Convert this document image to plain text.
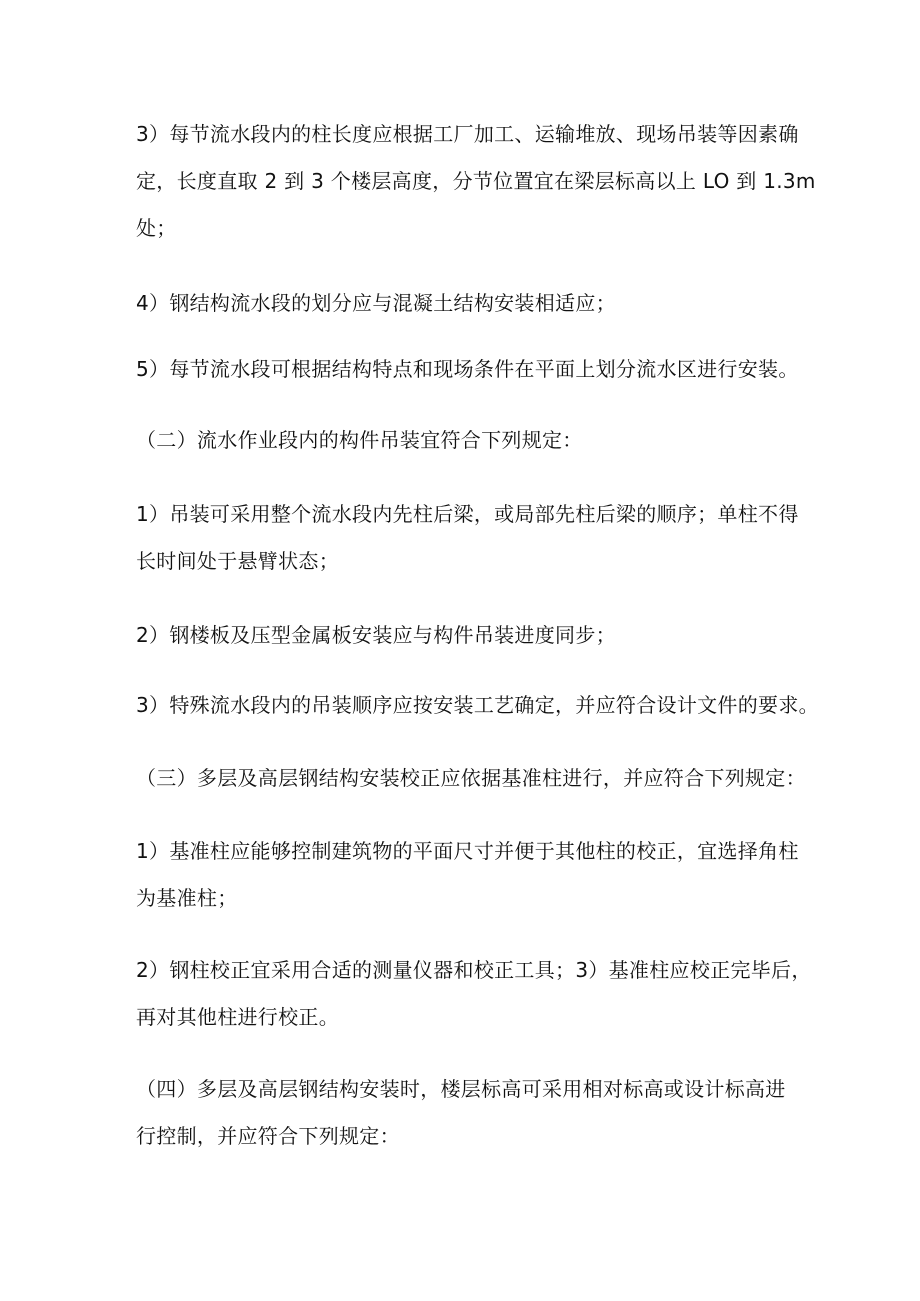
3）每节流水段内的柱长度应根据工厂加工、运输堆放、现场吊装等因素确
定，长度直取 2 到 3 个楼层高度，分节位置宜在梁层标高以上 LO 到 1.3m
处；

4）钢结构流水段的划分应与混凝土结构安装相适应；

5）每节流水段可根据结构特点和现场条件在平面上划分流水区进行安装。

（二）流水作业段内的构件吊装宜符合下列规定：

1）吊装可采用整个流水段内先柱后梁，或局部先柱后梁的顺序；单柱不得
长时间处于悬臂状态；

2）钢楼板及压型金属板安装应与构件吊装进度同步；

3）特殊流水段内的吊装顺序应按安装工艺确定，并应符合设计文件的要求。

（三）多层及高层钢结构安装校正应依据基准柱进行，并应符合下列规定：

1）基准柱应能够控制建筑物的平面尺寸并便于其他柱的校正，宜选择角柱
为基准柱；

2）钢柱校正宜采用合适的测量仪器和校正工具；3）基准柱应校正完毕后，
再对其他柱进行校正。

（四）多层及高层钢结构安装时，楼层标高可采用相对标高或设计标高进
行控制，并应符合下列规定：
